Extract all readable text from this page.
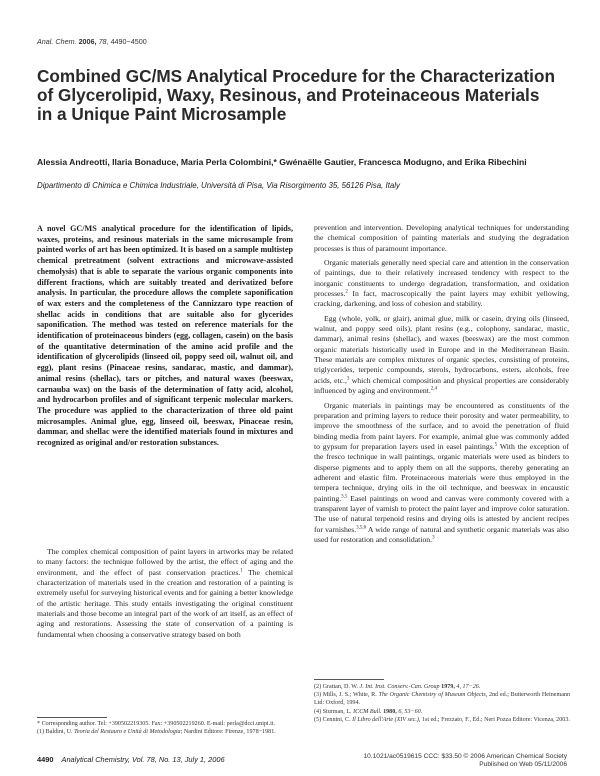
Anal. Chem. 2006, 78, 4490−4500
Combined GC/MS Analytical Procedure for the Characterization of Glycerolipid, Waxy, Resinous, and Proteinaceous Materials in a Unique Paint Microsample
Alessia Andreotti, Ilaria Bonaduce, Maria Perla Colombini,* Gwénaëlle Gautier, Francesca Modugno, and Erika Ribechini
Dipartimento di Chimica e Chimica Industriale, Università di Pisa, Via Risorgimento 35, 56126 Pisa, Italy

A novel GC/MS analytical procedure for the identification of lipids, waxes, proteins, and resinous materials in the same microsample from painted works of art has been optimized. It is based on a sample multistep chemical pretreatment (solvent extractions and microwave-assisted chemolysis) that is able to separate the various organic components into different fractions, which are suitably treated and derivatized before analysis. In particular, the procedure allows the complete saponification of wax esters and the completeness of the Cannizzaro type reaction of shellac acids in conditions that are suitable also for glycerides saponification. The method was tested on reference materials for the identification of proteinaceous binders (egg, collagen, casein) on the basis of the quantitative determination of the amino acid profile and the identification of glycerolipids (linseed oil, poppy seed oil, walnut oil, and egg), plant resins (Pinaceae resins, sandarac, mastic, and dammar), animal resins (shellac), tars or pitches, and natural waxes (beeswax, carnauba wax) on the basis of the determination of fatty acid, alcohol, and hydrocarbon profiles and of significant terpenic molecular markers. The procedure was applied to the characterization of three old paint microsamples. Animal glue, egg, linseed oil, beeswax, Pinaceae resin, dammar, and shellac were the identified materials found in mixtures and recognized as original and/or restoration substances.

The complex chemical composition of paint layers in artworks may be related to many factors: the technique followed by the artist, the effect of aging and the environment, and the effect of past conservation practices.$^1$ The chemical characterization of materials used in the creation and restoration of a painting is extremely useful for surveying historical events and for gaining a better knowledge of the artistic heritage. This study entails investigating the original constituent materials and those become an integral part of the work of art itself, as an effect of aging and restorations. Assessing the state of conservation of a painting is fundamental when choosing a conservative strategy based on both

* Corresponding author. Tel: +390502219305. Fax: +390502219260. E-mail: perla@dcci.unipi.it.

(1) Baldini, U. Teoria del Restauro e Unità di Metodologia; Nardini Editore: Firenze, 1978−1981.

prevention and intervention. Developing analytical techniques for understanding the chemical composition of painting materials and studying the degradation processes is thus of paramount importance.

Organic materials generally need special care and attention in the conservation of paintings, due to their relatively increased tendency with respect to the inorganic constituents to undergo degradation, transformation, and oxidation processes.$^2$ In fact, macroscopically the paint layers may exhibit yellowing, cracking, darkening, and loss of cohesion and stability.

Egg (whole, yolk, or glair), animal glue, milk or casein, drying oils (linseed, walnut, and poppy seed oils), plant resins (e.g., colophony, sandarac, mastic, dammar), animal resins (shellac), and waxes (beeswax) are the most common organic materials historically used in Europe and in the Mediterranean Basin. These materials are complex mixtures of organic species, consisting of proteins, triglycerides, terpenic compounds, sterols, hydrocarbons, esters, alcohols, free acids, etc.,$^3$ which chemical composition and physical properties are considerably influenced by aging and environment.$^{2,4}$

Organic materials in paintings may be encountered as constituents of the preparation and priming layers to reduce their porosity and water permeability, to improve the smoothness of the surface, and to avoid the penetration of fluid binding media from paint layers. For example, animal glue was commonly added to gypsum for preparation layers used in easel paintings.$^5$ With the exception of the fresco technique in wall paintings, organic materials were used as binders to disperse pigments and to apply them on all the supports, thereby generating an adherent and elastic film. Proteinaceous materials were thus employed in the tempera technique, drying oils in the oil technique, and beeswax in encaustic painting.$^{3,5}$ Easel paintings on wood and canvas were commonly covered with a transparent layer of varnish to protect the paint layer and improve color saturation. The use of natural terpenoid resins and drying oils is attested by ancient recipes for varnishes.$^{3,5,6}$ A wide range of natural and synthetic organic materials was also used for restoration and consolidation.$^3$

(2) Grattan, D. W. J. Int. Inst. Conserv.-Can. Group 1979, 4, 17−26.

(3) Mills, J. S.; White, R. The Organic Chemistry of Museum Objects, 2nd ed.; Butterworth Heinemann Ltd: Oxford, 1994.

(4) Sturman, L. ICCM Bull. 1980, 6, 53−60.

(5) Cennini, C. Il Libro dell'Arte (XIV sec.), 1st ed.; Frezzato, F., Ed.; Neri Pozza Editore: Vicenza, 2003.

4490 Analytical Chemistry, Vol. 78, No. 13, July 1, 2006	10.1021/ac0519615 CCC: $33.50 © 2006 American Chemical Society
Published on Web 05/11/2006
